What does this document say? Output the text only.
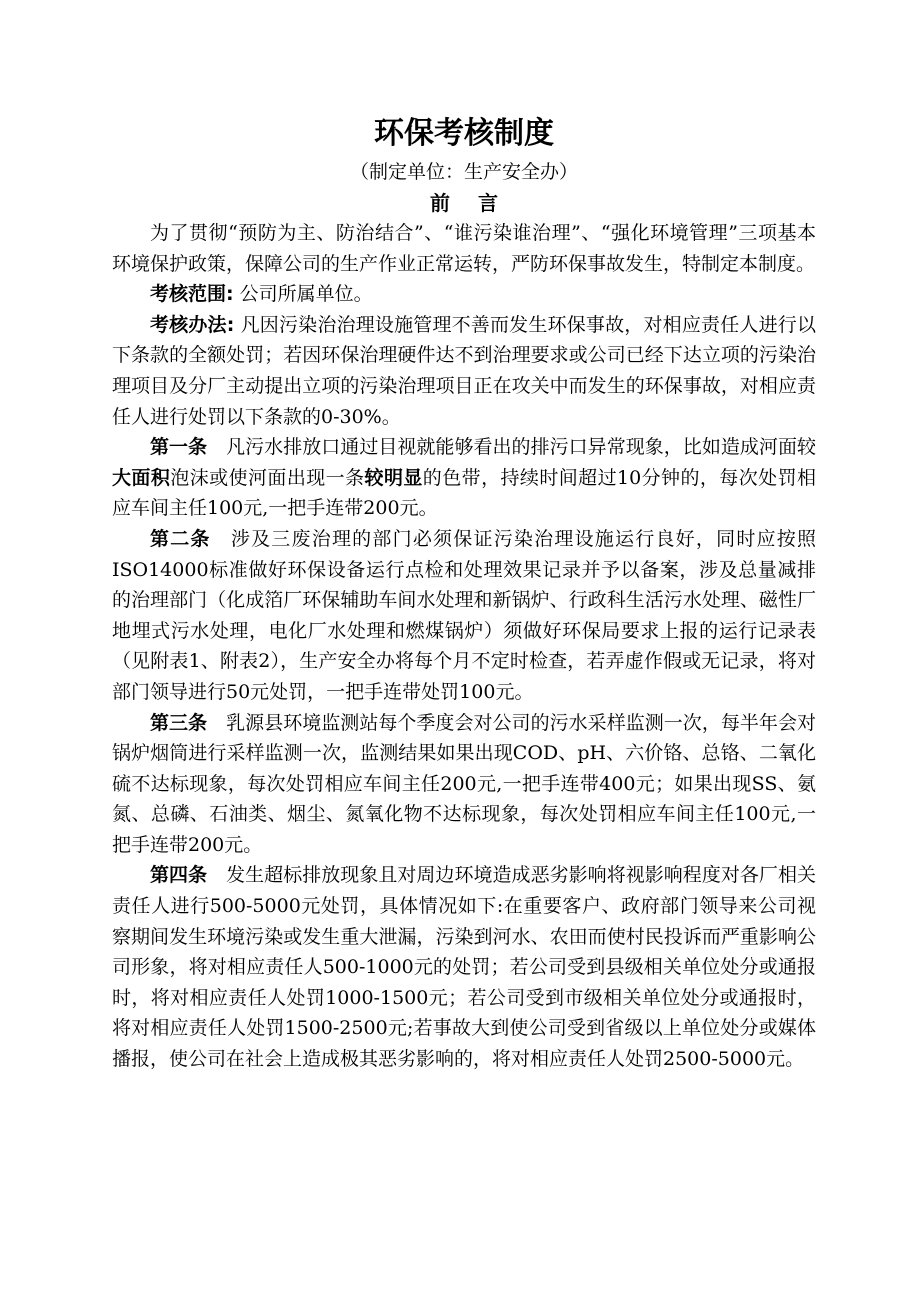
环保考核制度

（制定单位：生产安全办）

前言

为了贯彻“预防为主、防治结合”、“谁污染谁治理”、“强化环境管理”三项基本环境保护政策，保障公司的生产作业正常运转，严防环保事故发生，特制定本制度。

考核范围: 公司所属单位。

考核办法: 凡因污染治治理设施管理不善而发生环保事故，对相应责任人进行以下条款的全额处罚；若因环保治理硬件达不到治理要求或公司已经下达立项的污染治理项目及分厂主动提出立项的污染治理项目正在攻关中而发生的环保事故，对相应责任人进行处罚以下条款的0-30%。

第一条 凡污水排放口通过目视就能够看出的排污口异常现象，比如造成河面较大面积泡沫或使河面出现一条较明显的色带，持续时间超过10分钟的，每次处罚相应车间主任100元,一把手连带200元。

第二条 涉及三废治理的部门必须保证污染治理设施运行良好，同时应按照ISO14000标准做好环保设备运行点检和处理效果记录并予以备案，涉及总量减排的治理部门（化成箔厂环保辅助车间水处理和新锅炉、行政科生活污水处理、磁性厂地埋式污水处理，电化厂水处理和燃煤锅炉）须做好环保局要求上报的运行记录表（见附表1、附表2），生产安全办将每个月不定时检查，若弄虚作假或无记录，将对部门领导进行50元处罚，一把手连带处罚100元。

第三条 乳源县环境监测站每个季度会对公司的污水采样监测一次，每半年会对锅炉烟筒进行采样监测一次，监测结果如果出现COD、pH、六价铬、总铬、二氧化硫不达标现象，每次处罚相应车间主任200元,一把手连带400元；如果出现SS、氨氮、总磷、石油类、烟尘、氮氧化物不达标现象，每次处罚相应车间主任100元,一把手连带200元。

第四条 发生超标排放现象且对周边环境造成恶劣影响将视影响程度对各厂相关责任人进行500-5000元处罚，具体情况如下:在重要客户、政府部门领导来公司视察期间发生环境污染或发生重大泄漏，污染到河水、农田而使村民投诉而严重影响公司形象，将对相应责任人500-1000元的处罚；若公司受到县级相关单位处分或通报时，将对相应责任人处罚1000-1500元；若公司受到市级相关单位处分或通报时，将对相应责任人处罚1500-2500元;若事故大到使公司受到省级以上单位处分或媒体播报，使公司在社会上造成极其恶劣影响的，将对相应责任人处罚2500-5000元。
